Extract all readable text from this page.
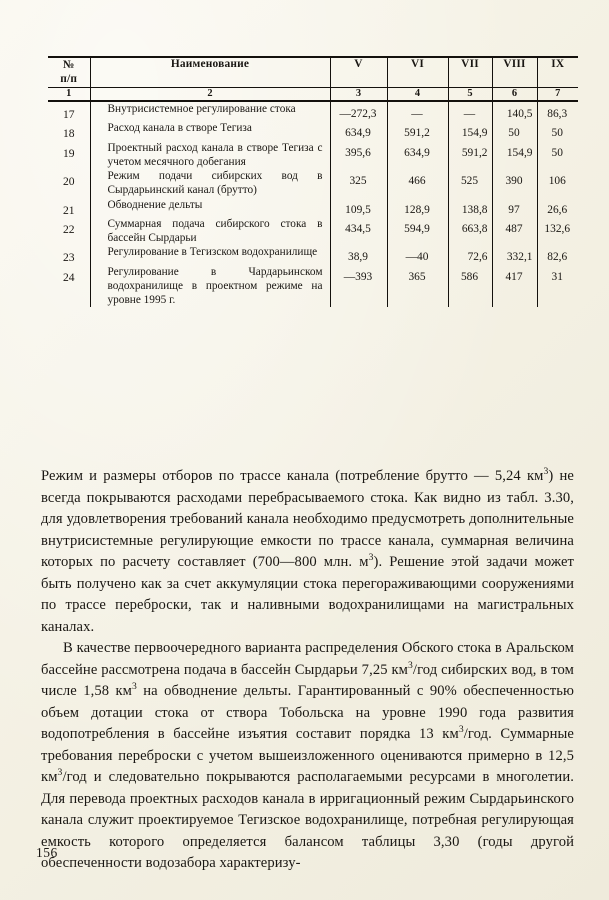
№
п/п	Наименование	V	VI	VII	VIII	IX
1	2	3	4	5	6	7
17	Внутрисистемное регулирование стока	—272,3	—	—	140,5	86,3
18	Расход канала в створе Тегиза	634,9	591,2	154,9	50	50
19	Проектный расход канала в створе Тегиза с учетом месячного добегания	395,6	634,9	591,2	154,9	50
20	Режим подачи сибирских вод в Сырдарьинский канал (брутто)	325	466	525	390	106
21	Обводнение дельты	109,5	128,9	138,8	97	26,6
22	Суммарная подача сибирского стока в бассейн Сырдарьи	434,5	594,9	663,8	487	132,6
23	Регулирование в Тегизском водохранилище	38,9	—40	72,6	332,1	82,6
24	Регулирование в Чардарьинском водохранилище в проектном режиме на уровне 1995 г.	—393	365	586	417	31

Режим и размеры отборов по трассе канала (потребление брутто — 5,24 $км^3$) не всегда покрываются расходами перебрасываемого стока. Как видно из табл. 3.30, для удовлетворения требований канала необходимо предусмотреть дополнительные внутрисистемные регулирующие емкости по трассе канала, суммарная величина которых по расчету составляет (700—800 млн. $м^3$). Решение этой задачи может быть получено как за счет аккумуляции стока перегораживающими сооружениями по трассе переброски, так и наливными водохранилищами на магистральных каналах.

В качестве первоочередного варианта распределения Обского стока в Аральском бассейне рассмотрена подача в бассейн Сырдарьи 7,25 $км^3$/год сибирских вод, в том числе 1,58 $км^3$ на обводнение дельты. Гарантированный с 90% обеспеченностью объем дотации стока от створа Тобольска на уровне 1990 года развития водопотребления в бассейне изъятия составит порядка 13 $км^3$/год. Суммарные требования переброски с учетом вышеизложенного оцениваются примерно в 12,5 $км^3$/год и следовательно покрываются располагаемыми ресурсами в многолетии. Для перевода проектных расходов канала в ирригационный режим Сырдарьинского канала служит проектируемое Тегизское водохранилище, потребная регулирующая емкость которого определяется балансом таблицы 3,30 (годы другой обеспеченности водозабора характеризу-

156
